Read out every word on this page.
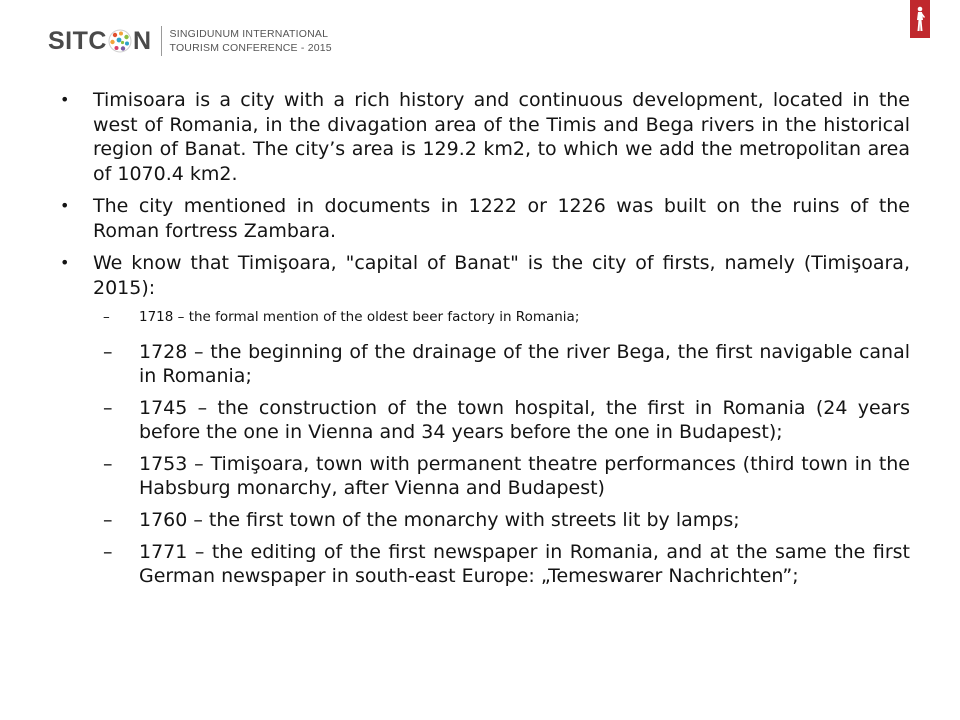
SITC N SINGIDUNUM INTERNATIONAL
TOURISM CONFERENCE - 2015
• Timisoara is a city with a rich history and continuous development, located in the west of Romania, in the divagation area of the Timis and Bega rivers in the historical region of Banat. The city’s area is 129.2 km2, to which we add the metropolitan area of 1070.4 km2.
• The city mentioned in documents in 1222 or 1226 was built on the ruins of the Roman fortress Zambara.
• We know that Timişoara, "capital of Banat" is the city of firsts, namely (Timişoara, 2015):
– 1718 – the formal mention of the oldest beer factory in Romania;
– 1728 – the beginning of the drainage of the river Bega, the first navigable canal in Romania;
– 1745 – the construction of the town hospital, the first in Romania (24 years before the one in Vienna and 34 years before the one in Budapest);
– 1753 – Timişoara, town with permanent theatre performances (third town in the Habsburg monarchy, after Vienna and Budapest)
– 1760 – the first town of the monarchy with streets lit by lamps;
– 1771 – the editing of the first newspaper in Romania, and at the same the first German newspaper in south-east Europe: „Temeswarer Nachrichten”;
